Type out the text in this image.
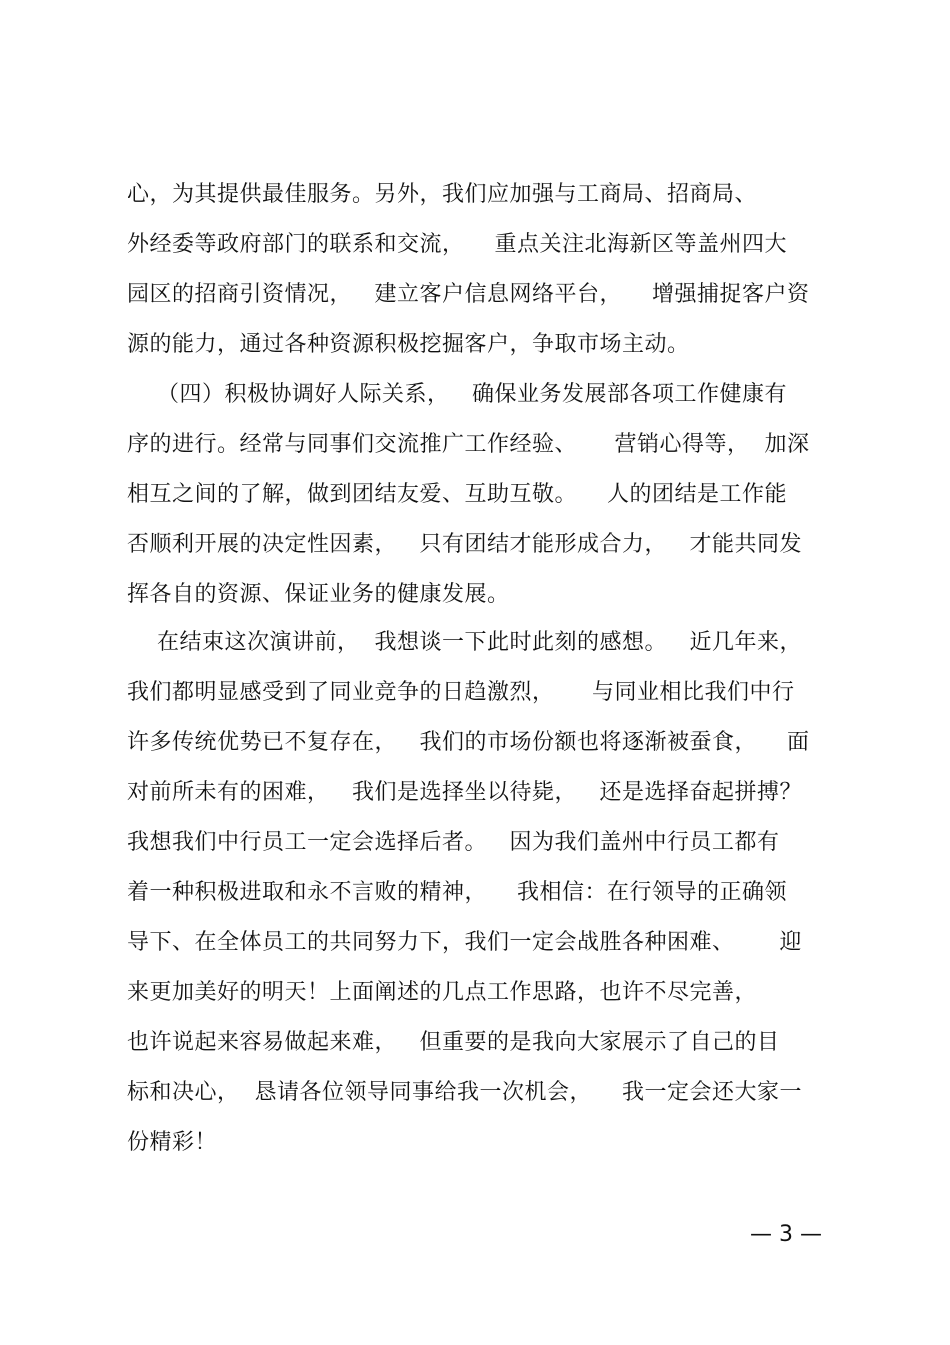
心，为其提供最佳服务。另外，我们应加强与工商局、招商局、
外经委等政府部门的联系和交流，    重点关注北海新区等盖州四大
园区的招商引资情况，   建立客户信息网络平台，    增强捕捉客户资
源的能力，通过各种资源积极挖掘客户，争取市场主动。
（四）积极协调好人际关系，   确保业务发展部各项工作健康有
序的进行。经常与同事们交流推广工作经验、     营销心得等，  加深
相互之间的了解，做到团结友爱、互助互敬。    人的团结是工作能
否顺利开展的决定性因素，   只有团结才能形成合力，   才能共同发
挥各自的资源、保证业务的健康发展。
在结束这次演讲前，  我想谈一下此时此刻的感想。   近几年来，
我们都明显感受到了同业竞争的日趋激烈，     与同业相比我们中行
许多传统优势已不复存在，   我们的市场份额也将逐渐被蚕食，    面
对前所未有的困难，   我们是选择坐以待毙，   还是选择奋起拼搏？
我想我们中行员工一定会选择后者。   因为我们盖州中行员工都有
着一种积极进取和永不言败的精神，    我相信：在行领导的正确领
导下、在全体员工的共同努力下，我们一定会战胜各种困难、      迎
来更加美好的明天！上面阐述的几点工作思路，也许不尽完善，
也许说起来容易做起来难，   但重要的是我向大家展示了自己的目
标和决心，  恳请各位领导同事给我一次机会，    我一定会还大家一
份精彩！
— 3 —
